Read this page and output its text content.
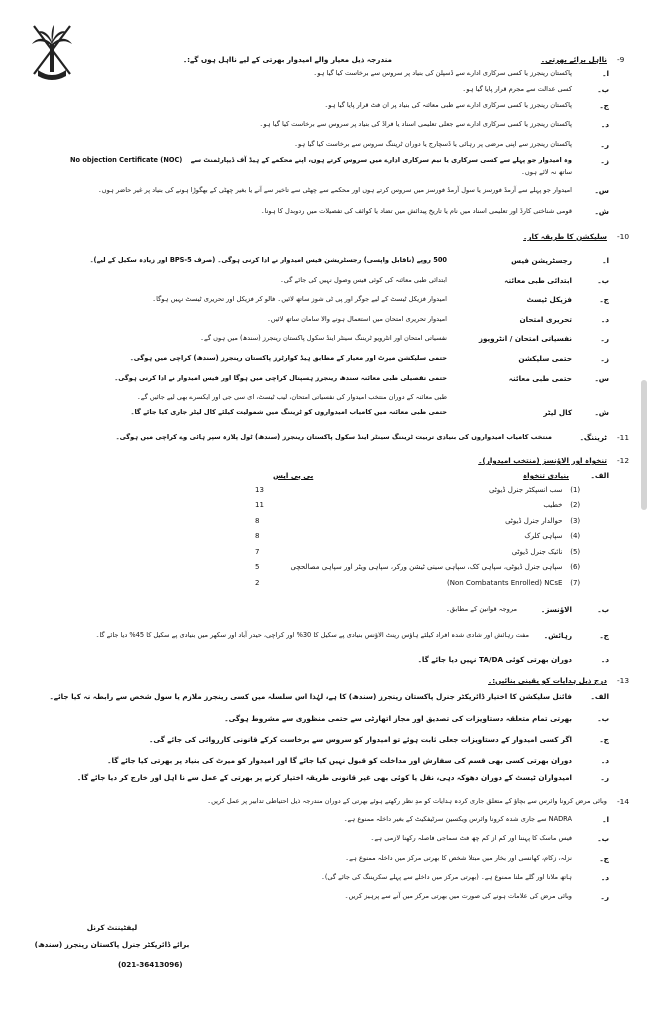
-9
نااہل برائے بھرتی۔
مندرجہ ذیل معیار والے امیدوار بھرتی کے لیے نااہل ہوں گے:۔
ا۔
پاکستان رینجرز یا کسی سرکاری ادارے سے ڈسپلن کی بنیاد پر سروس سے برخاست کیا گیا ہو۔
ب۔
کسی عدالت سے مجرم قرار پایا گیا ہو۔
ج۔
پاکستان رینجرز یا کسی سرکاری ادارے سے طبی معائنہ کی بنیاد پر ان فٹ قرار پایا گیا ہو۔
د۔
پاکستان رینجرز یا کسی سرکاری ادارے سے جعلی تعلیمی اسناد یا فراڈ کی بنیاد پر سروس سے برخاست کیا گیا ہو۔
ر۔
پاکستان رینجرز سے اپنی مرضی پر رہائی یا ڈسچارج یا دوران ٹریننگ سروس سے برخاست کیا گیا ہو۔
ز۔
وہ امیدوار جو پہلے سے کسی سرکاری یا نیم سرکاری ادارے میں سروس کرتے ہوں، اپنے محکمے کے ہیڈ آف ڈیپارٹمنٹ سے
No objection Certificate (NOC)
ساتھ نہ لائے ہوں۔
س۔
امیدوار جو پہلے سے آرمڈ فورسز یا سول آرمڈ فورسز میں سروس کرتے ہوں اور محکمے سے چھٹی سے تاخیر سے آنے یا بغیر چھٹی کے بھگوڑا ہونے کی بنیاد پر غیر حاضر ہوں۔
ش۔
قومی شناختی کارڈ اور تعلیمی اسناد میں نام یا تاریخ پیدائش میں تضاد یا کوائف کی تفصیلات میں ردوبدل کا ہونا۔
-10
سلیکشن کا طریقہ کار۔
ا۔
رجسٹریشن فیس
500 روپے (ناقابل واپسی) رجسٹریشن فیس امیدوار نے ادا کرنی ہوگی۔ (صرف BPS-5 اور زیادہ سکیل کے لیے)۔
ب۔
ابتدائی طبی معائنہ
ابتدائی طبی معائنہ کی کوئی فیس وصول نہیں کی جائے گی۔
ج۔
فزیکل ٹیسٹ
امیدوار فزیکل ٹیسٹ کے لیے جوگر اور پی ٹی شوز ساتھ لائیں۔ فالو کر فزیکل اور تحریری ٹیسٹ نہیں ہوگا۔
د۔
تحریری امتحان
امیدوار تحریری امتحان میں استعمال ہونے والا سامان ساتھ لائیں۔
ر۔
نفسیاتی امتحان / انٹرویوز
نفسیاتی امتحان اور انٹرویو ٹریننگ سینٹر اینڈ سکول پاکستان رینجرز (سندھ) میں ہوں گے۔
ز۔
حتمی سلیکشن
حتمی سلیکشن میرٹ اور معیار کے مطابق ہیڈ کوارٹرز پاکستان رینجرز (سندھ) کراچی میں ہوگی۔
س۔
حتمی طبی معائنہ
حتمی تفصیلی طبی معائنہ سندھ رینجرز ہسپتال کراچی میں ہوگا اور فیس امیدوار نے ادا کرنی ہوگی۔
طبی معائنہ کے دوران منتخب امیدوار کی نفسیاتی امتحان، لیب ٹیسٹ، ای سی جی اور ایکسرے بھی لیے جائیں گے۔
ش۔
کال لیٹر
حتمی طبی معائنہ میں کامیاب امیدواروں کو ٹریننگ میں شمولیت کیلئے کال لیٹر جاری کیا جائے گا۔
-11
ٹریننگ۔
منتخب کامیاب امیدواروں کی بنیادی تربیت ٹریننگ سینٹر اینڈ سکول پاکستان رینجرز (سندھ) ٹول پلازہ سپر ہائی وے کراچی میں ہوگی۔
-12
تنخواہ اور الاؤنسز (منتخب امیدوار)۔
الف۔
بنیادی تنخواہ
بی پی ایس
13	سب انسپکٹر جنرل ڈیوٹی	(1)
11	خطیب	(2)
8	حوالدار جنرل ڈیوٹی	(3)
8	سپاہی کلرک	(4)
7	نائیک جنرل ڈیوٹی	(5)
5	سپاہی جنرل ڈیوٹی، سپاہی کک، سپاہی سینی ٹیشن ورکر، سپاہی ویٹر اور سپاہی مصالحچی	(6)
2	(Non Combatants Enrolled) NCsE	(7)
ب۔
الاؤنسز۔
مروجہ قوانین کے مطابق۔
ج۔
رہائش۔
مفت رہائش اور شادی شدہ افراد کیلئے ہاؤس رینٹ الاؤنس بنیادی پے سکیل کا 30% اور کراچی، حیدر آباد اور سکھر میں بنیادی پے سکیل کا 45% دیا جائے گا۔
د۔
دوران بھرتی کوئی TA/DA نہیں دیا جائے گا۔
-13
درج ذیل ہدایات کو یقینی بنائیں:۔
الف۔
فائنل سلیکشن کا اختیار ڈائریکٹر جنرل پاکستان رینجرز (سندھ) کا ہے، لہٰذا اس سلسلہ میں کسی رینجرز ملازم یا سول شخص سے رابطہ نہ کیا جائے۔
ب۔
بھرتی تمام متعلقہ دستاویزات کی تصدیق اور مجاز اتھارٹی سے حتمی منظوری سے مشروط ہوگی۔
ج۔
اگر کسی امیدوار کے دستاویزات جعلی ثابت ہوئے تو امیدوار کو سروس سے برخاست کرکے قانونی کارروائی کی جائے گی۔
د۔
دوران بھرتی کسی بھی قسم کی سفارش اور مداخلت کو قبول نہیں کیا جائے گا اور امیدوار کو میرٹ کی بنیاد پر بھرتی کیا جائے گا۔
ر۔
امیدواران ٹیسٹ کے دوران دھوکہ دہی، نقل یا کوئی بھی غیر قانونی طریقہ اختیار کرنے پر بھرتی کے عمل سے نا اہل اور خارج کر دیا جائے گا۔
-14
وبائی مرض کرونا وائرس سے بچاؤ کے متعلق جاری کردہ ہدایات کو مدِ نظر رکھتے ہوئے بھرتی کے دوران مندرجہ ذیل احتیاطی تدابیر پر عمل کریں۔
ا۔
NADRA سے جاری شدہ کرونا وائرس ویکسین سرٹیفکیٹ کے بغیر داخلہ ممنوع ہے۔
ب۔
فیس ماسک کا پہننا اور کم از کم چھ فٹ سماجی فاصلہ رکھنا لازمی ہے۔
ج۔
نزلہ، زکام، کھانسی اور بخار میں مبتلا شخص کا بھرتی مرکز میں داخلہ ممنوع ہے۔
د۔
ہاتھ ملانا اور گلے ملنا ممنوع ہے۔ (بھرتی مرکز میں داخلے سے پہلے سکریننگ کی جائے گی)۔
ر۔
وبائی مرض کی علامات ہونے کی صورت میں بھرتی مرکز میں آنے سے پرہیز کریں۔
لیفٹیننٹ کرنل
برائے ڈائریکٹر جنرل پاکستان رینجرز (سندھ)
(021-36413096)
